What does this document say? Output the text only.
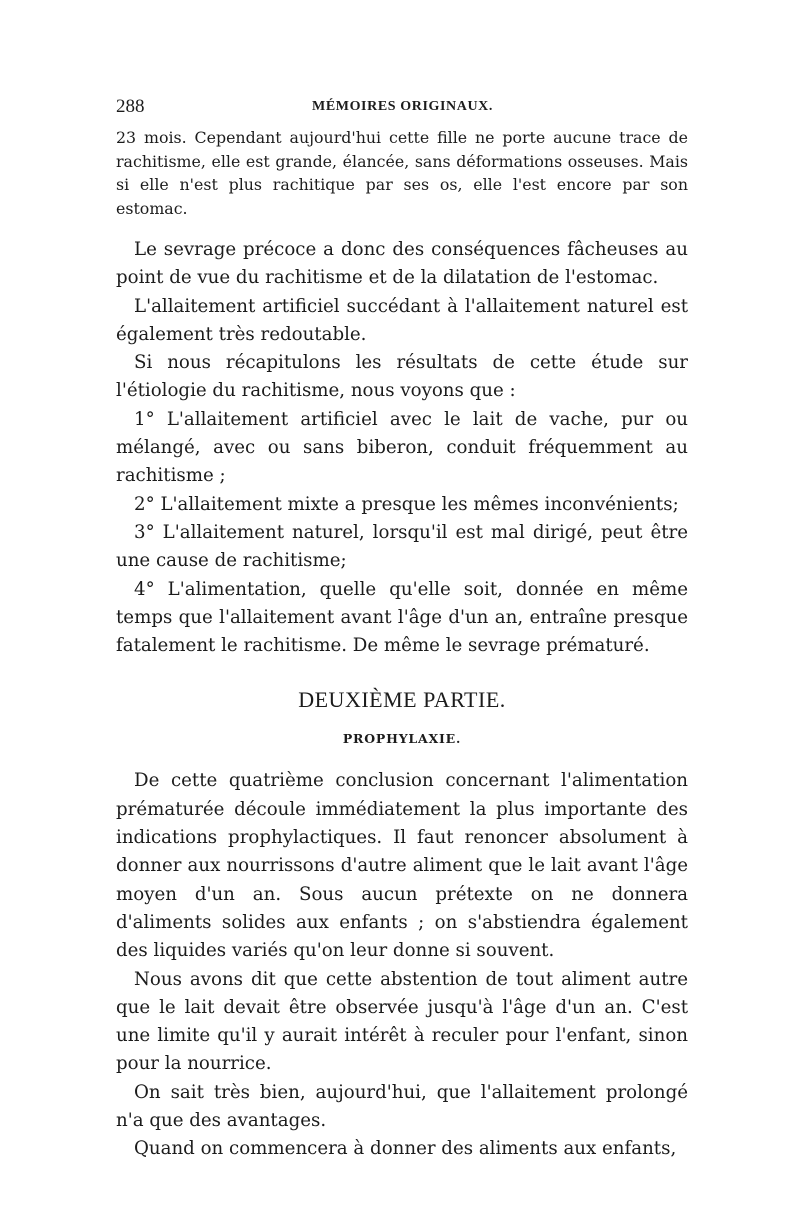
288	MÉMOIRES ORIGINAUX.

23 mois. Cependant aujourd'hui cette fille ne porte aucune trace de rachitisme, elle est grande, élancée, sans déformations osseuses. Mais si elle n'est plus rachitique par ses os, elle l'est encore par son estomac.

Le sevrage précoce a donc des conséquences fâcheuses au point de vue du rachitisme et de la dilatation de l'estomac.

L'allaitement artificiel succédant à l'allaitement naturel est également très redoutable.

Si nous récapitulons les résultats de cette étude sur l'étiologie du rachitisme, nous voyons que :

1° L'allaitement artificiel avec le lait de vache, pur ou mélangé, avec ou sans biberon, conduit fréquemment au rachitisme ;

2° L'allaitement mixte a presque les mêmes inconvénients;

3° L'allaitement naturel, lorsqu'il est mal dirigé, peut être une cause de rachitisme;

4° L'alimentation, quelle qu'elle soit, donnée en même temps que l'allaitement avant l'âge d'un an, entraîne presque fatalement le rachitisme. De même le sevrage prématuré.

DEUXIÈME PARTIE.
PROPHYLAXIE.

De cette quatrième conclusion concernant l'alimentation prématurée découle immédiatement la plus importante des indications prophylactiques. Il faut renoncer absolument à donner aux nourrissons d'autre aliment que le lait avant l'âge moyen d'un an. Sous aucun prétexte on ne donnera d'aliments solides aux enfants ; on s'abstiendra également des liquides variés qu'on leur donne si souvent.

Nous avons dit que cette abstention de tout aliment autre que le lait devait être observée jusqu'à l'âge d'un an. C'est une limite qu'il y aurait intérêt à reculer pour l'enfant, sinon pour la nourrice.

On sait très bien, aujourd'hui, que l'allaitement prolongé n'a que des avantages.

Quand on commencera à donner des aliments aux enfants,
